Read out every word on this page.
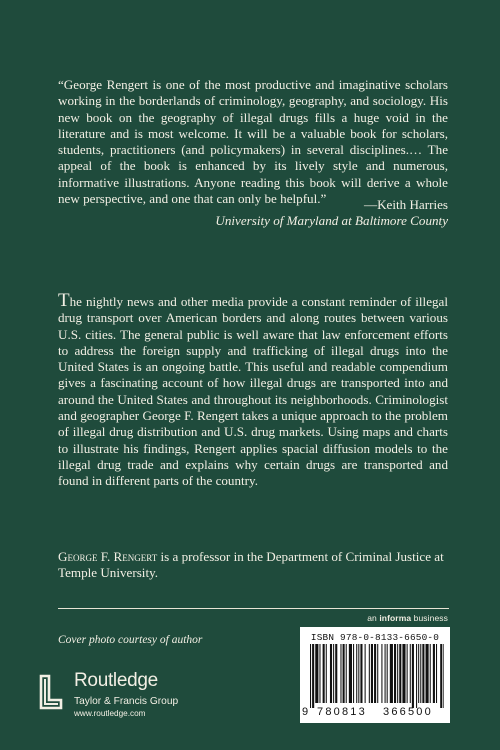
“George Rengert is one of the most productive and imaginative scholars working in the borderlands of criminology, geography, and sociology. His new book on the geography of illegal drugs fills a huge void in the literature and is most welcome. It will be a valuable book for scholars, students, practitioners (and policymakers) in several disciplines.… The appeal of the book is enhanced by its lively style and numerous, informative illustrations. Anyone reading this book will derive a whole new perspective, and one that can only be helpful.”	—Keith Harries
University of Maryland at Baltimore County

The nightly news and other media provide a constant reminder of illegal drug transport over American borders and along routes between various U.S. cities. The general public is well aware that law enforcement efforts to address the foreign supply and trafficking of illegal drugs into the United States is an ongoing battle. This useful and readable compendium gives a fascinating account of how illegal drugs are transported into and around the United States and throughout its neighborhoods. Criminologist and geographer George F. Rengert takes a unique approach to the problem of illegal drug distribution and U.S. drug markets. Using maps and charts to illustrate his findings, Rengert applies spacial diffusion models to the illegal drug trade and explains why certain drugs are transported and found in different parts of the country.

George F. Rengert is a professor in the Department of Criminal Justice at Temple University.

an informa business
Cover photo courtesy of author
Routledge
Taylor & Francis Group
www.routledge.com
ISBN 978-0-8133-6650-0
9 780813 366500
